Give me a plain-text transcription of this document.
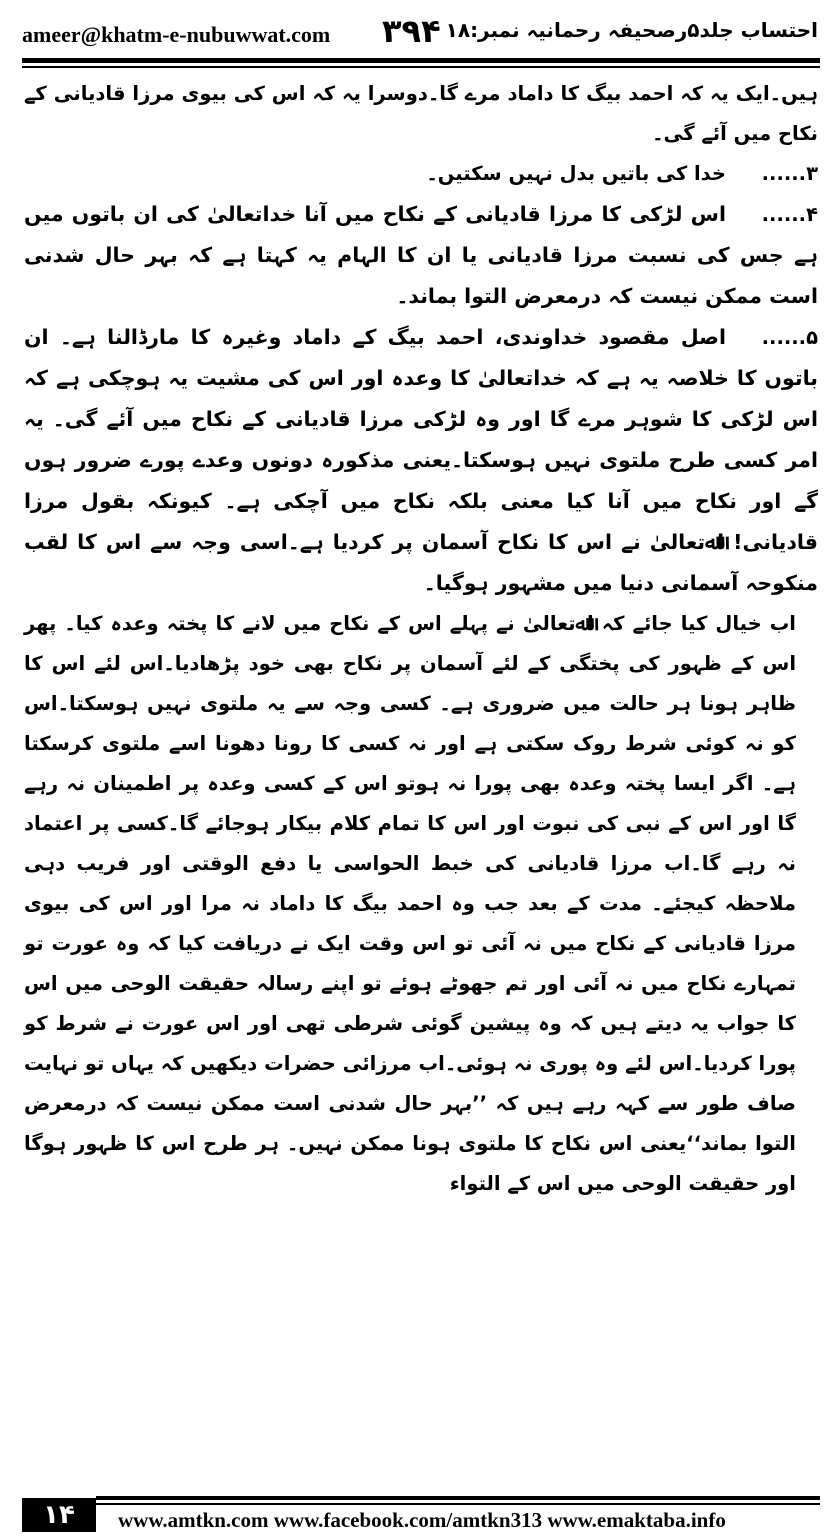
ameer@khatm-e-nubuwwat.com ۳۹۴ احتساب جلد۵رصحیفہ رحمانیہ نمبر:۱۸

ہیں۔ایک یہ کہ احمد بیگ کا داماد مرے گا۔دوسرا یہ کہ اس کی بیوی مرزا قادیانی کے نکاح میں آئے گی۔

۳......خدا کی باتیں بدل نہیں سکتیں۔

۴......اس لڑکی کا مرزا قادیانی کے نکاح میں آنا خداتعالیٰ کی ان باتوں میں ہے جس کی نسبت مرزا قادیانی یا ان کا الہام یہ کہتا ہے کہ بہر حال شدنی است ممکن نیست کہ درمعرض التوا بماند۔

۵......اصل مقصود خداوندی، احمد بیگ کے داماد وغیرہ کا مارڈالنا ہے۔ ان باتوں کا خلاصہ یہ ہے کہ خداتعالیٰ کا وعدہ اور اس کی مشیت یہ ہوچکی ہے کہ اس لڑکی کا شوہر مرے گا اور وہ لڑکی مرزا قادیانی کے نکاح میں آئے گی۔ یہ امر کسی طرح ملتوی نہیں ہوسکتا۔یعنی مذکورہ دونوں وعدے پورے ضرور ہوں گے اور نکاح میں آنا کیا معنی بلکہ نکاح میں آچکی ہے۔ کیونکہ بقول مرزا قادیانی! اﷲتعالیٰ نے اس کا نکاح آسمان پر کردیا ہے۔اسی وجہ سے اس کا لقب منکوحہ آسمانی دنیا میں مشہور ہوگیا۔

اب خیال کیا جائے کہ اﷲتعالیٰ نے پہلے اس کے نکاح میں لانے کا پختہ وعدہ کیا۔ پھر اس کے ظہور کی پختگی کے لئے آسمان پر نکاح بھی خود پڑھادیا۔اس لئے اس کا ظاہر ہونا ہر حالت میں ضروری ہے۔ کسی وجہ سے یہ ملتوی نہیں ہوسکتا۔اس کو نہ کوئی شرط روک سکتی ہے اور نہ کسی کا رونا دھونا اسے ملتوی کرسکتا ہے۔ اگر ایسا پختہ وعدہ بھی پورا نہ ہوتو اس کے کسی وعدہ پر اطمینان نہ رہے گا اور اس کے نبی کی نبوت اور اس کا تمام کلام بیکار ہوجائے گا۔کسی پر اعتماد نہ رہے گا۔اب مرزا قادیانی کی خبط الحواسی یا دفع الوقتی اور فریب دہی ملاحظہ کیجئے۔ مدت کے بعد جب وہ احمد بیگ کا داماد نہ مرا اور اس کی بیوی مرزا قادیانی کے نکاح میں نہ آئی تو اس وقت ایک نے دریافت کیا کہ وہ عورت تو تمہارے نکاح میں نہ آئی اور تم جھوٹے ہوئے تو اپنے رسالہ حقیقت الوحی میں اس کا جواب یہ دیتے ہیں کہ وہ پیشین گوئی شرطی تھی اور اس عورت نے شرط کو پورا کردیا۔اس لئے وہ پوری نہ ہوئی۔اب مرزائی حضرات دیکھیں کہ یہاں تو نہایت صاف طور سے کہہ رہے ہیں کہ ’’بہر حال شدنی است ممکن نیست کہ درمعرض التوا بماند‘‘یعنی اس نکاح کا ملتوی ہونا ممکن نہیں۔ ہر طرح اس کا ظہور ہوگا اور حقیقت الوحی میں اس کے التواء

۱۴	www.amtkn.com www.facebook.com/amtkn313 www.emaktaba.info
